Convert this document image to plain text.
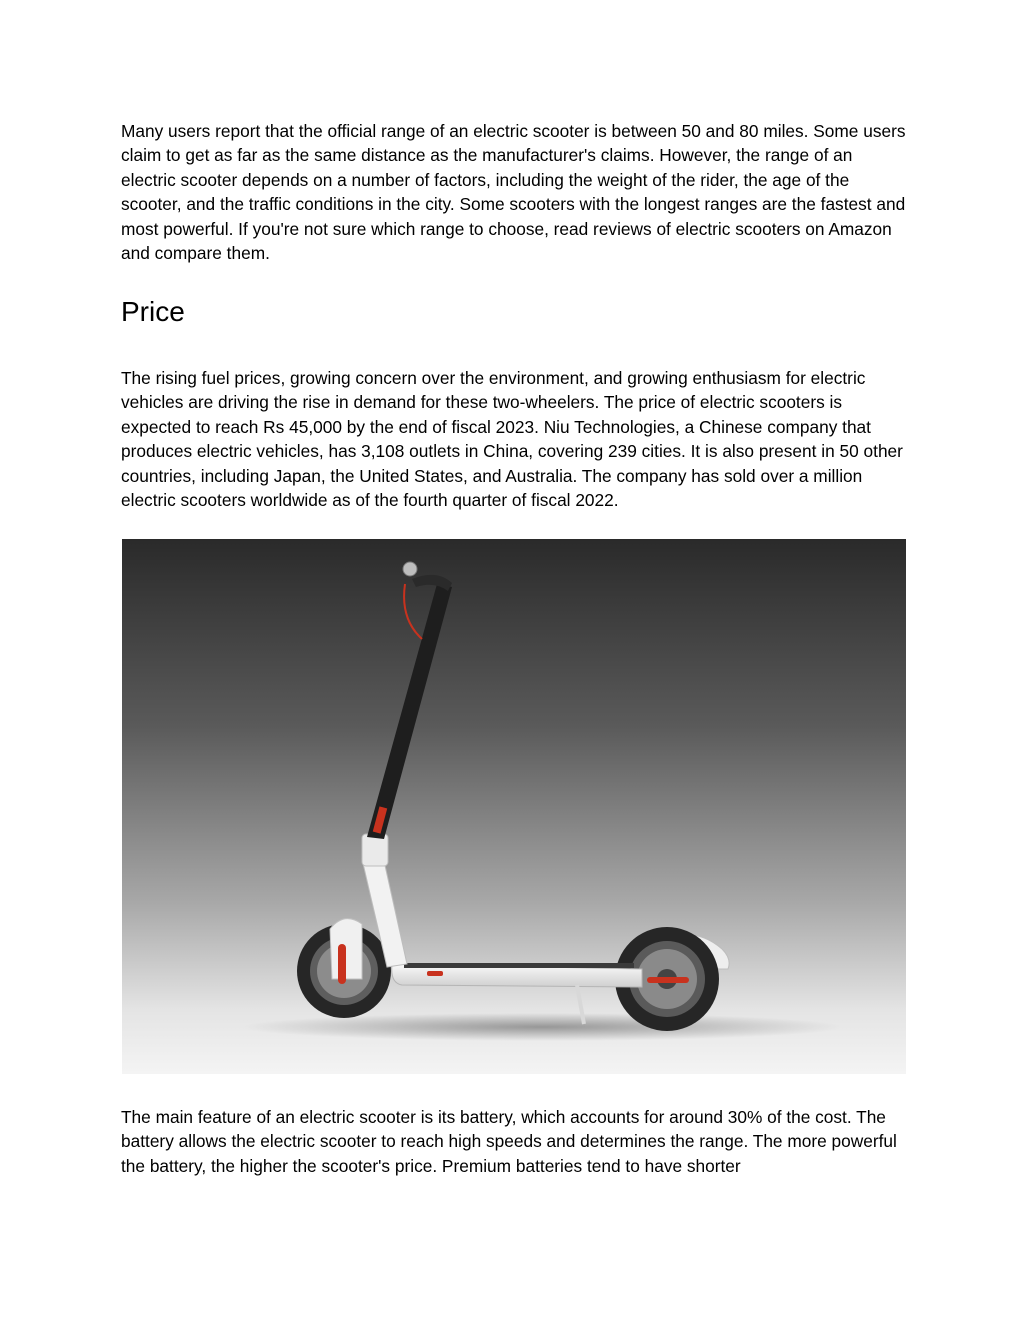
Many users report that the official range of an electric scooter is between 50 and 80 miles. Some users claim to get as far as the same distance as the manufacturer's claims. However, the range of an electric scooter depends on a number of factors, including the weight of the rider, the age of the scooter, and the traffic conditions in the city. Some scooters with the longest ranges are the fastest and most powerful. If you're not sure which range to choose, read reviews of electric scooters on Amazon and compare them.

Price

The rising fuel prices, growing concern over the environment, and growing enthusiasm for electric vehicles are driving the rise in demand for these two-wheelers. The price of electric scooters is expected to reach Rs 45,000 by the end of fiscal 2023. Niu Technologies, a Chinese company that produces electric vehicles, has 3,108 outlets in China, covering 239 cities. It is also present in 50 other countries, including Japan, the United States, and Australia. The company has sold over a million electric scooters worldwide as of the fourth quarter of fiscal 2022.

The main feature of an electric scooter is its battery, which accounts for around 30% of the cost. The battery allows the electric scooter to reach high speeds and determines the range. The more powerful the battery, the higher the scooter's price. Premium batteries tend to have shorter
